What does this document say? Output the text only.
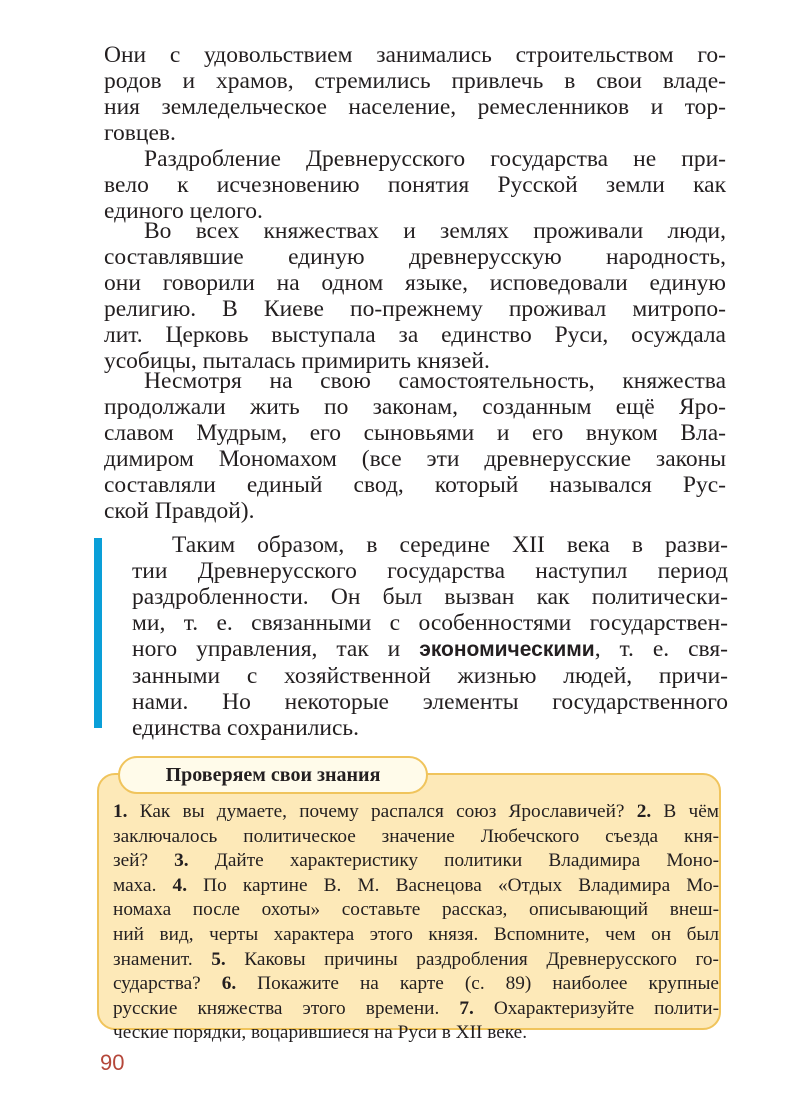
Они с удовольствием занимались строительством го-
родов и храмов, стремились привлечь в свои владе-
ния земледельческое население, ремесленников и тор-
говцев.
Раздробление Древнерусского государства не при-
вело к исчезновению понятия Русской земли как
единого целого.
Во всех княжествах и землях проживали люди,
составлявшие единую древнерусскую народность,
они говорили на одном языке, исповедовали единую
религию. В Киеве по-прежнему проживал митропо-
лит. Церковь выступала за единство Руси, осуждала
усобицы, пыталась примирить князей.
Несмотря на свою самостоятельность, княжества
продолжали жить по законам, созданным ещё Яро-
славом Мудрым, его сыновьями и его внуком Вла-
димиром Мономахом (все эти древнерусские законы
составляли единый свод, который назывался Рус-
ской Правдой).
Таким образом, в середине XII века в разви-
тии Древнерусского государства наступил период
раздробленности. Он был вызван как политически-
ми, т. е. связанными с особенностями государствен-
ного управления, так и экономическими, т. е. свя-
занными с хозяйственной жизнью людей, причи-
нами. Но некоторые элементы государственного
единства сохранились.
Проверяем свои знания
1. Как вы думаете, почему распался союз Ярославичей? 2. В чём
заключалось политическое значение Любечского съезда кня-
зей? 3. Дайте характеристику политики Владимира Моно-
маха. 4. По картине В. М. Васнецова «Отдых Владимира Мо-
номаха после охоты» составьте рассказ, описывающий внеш-
ний вид, черты характера этого князя. Вспомните, чем он был
знаменит. 5. Каковы причины раздробления Древнерусского го-
сударства? 6. Покажите на карте (с. 89) наиболее крупные
русские княжества этого времени. 7. Охарактеризуйте полити-
ческие порядки, воцарившиеся на Руси в XII веке.
90
